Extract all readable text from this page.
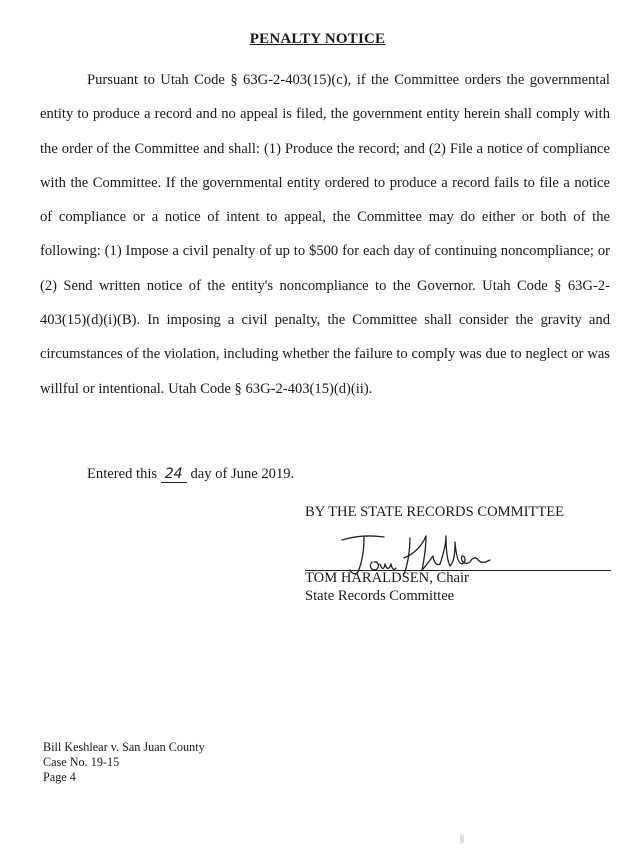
PENALTY NOTICE

Pursuant to Utah Code § 63G-2-403(15)(c), if the Committee orders the governmental entity to produce a record and no appeal is filed, the government entity herein shall comply with the order of the Committee and shall: (1) Produce the record; and (2) File a notice of compliance with the Committee. If the governmental entity ordered to produce a record fails to file a notice of compliance or a notice of intent to appeal, the Committee may do either or both of the following: (1) Impose a civil penalty of up to $500 for each day of continuing noncompliance; or (2) Send written notice of the entity's noncompliance to the Governor. Utah Code § 63G-2-403(15)(d)(i)(B). In imposing a civil penalty, the Committee shall consider the gravity and circumstances of the violation, including whether the failure to comply was due to neglect or was willful or intentional. Utah Code § 63G-2-403(15)(d)(ii).

Entered this 24 day of June 2019.
BY THE STATE RECORDS COMMITTEE
TOM HARALDSEN, Chair
State Records Committee
Bill Keshlear v. San Juan County
Case No. 19-15
Page 4
